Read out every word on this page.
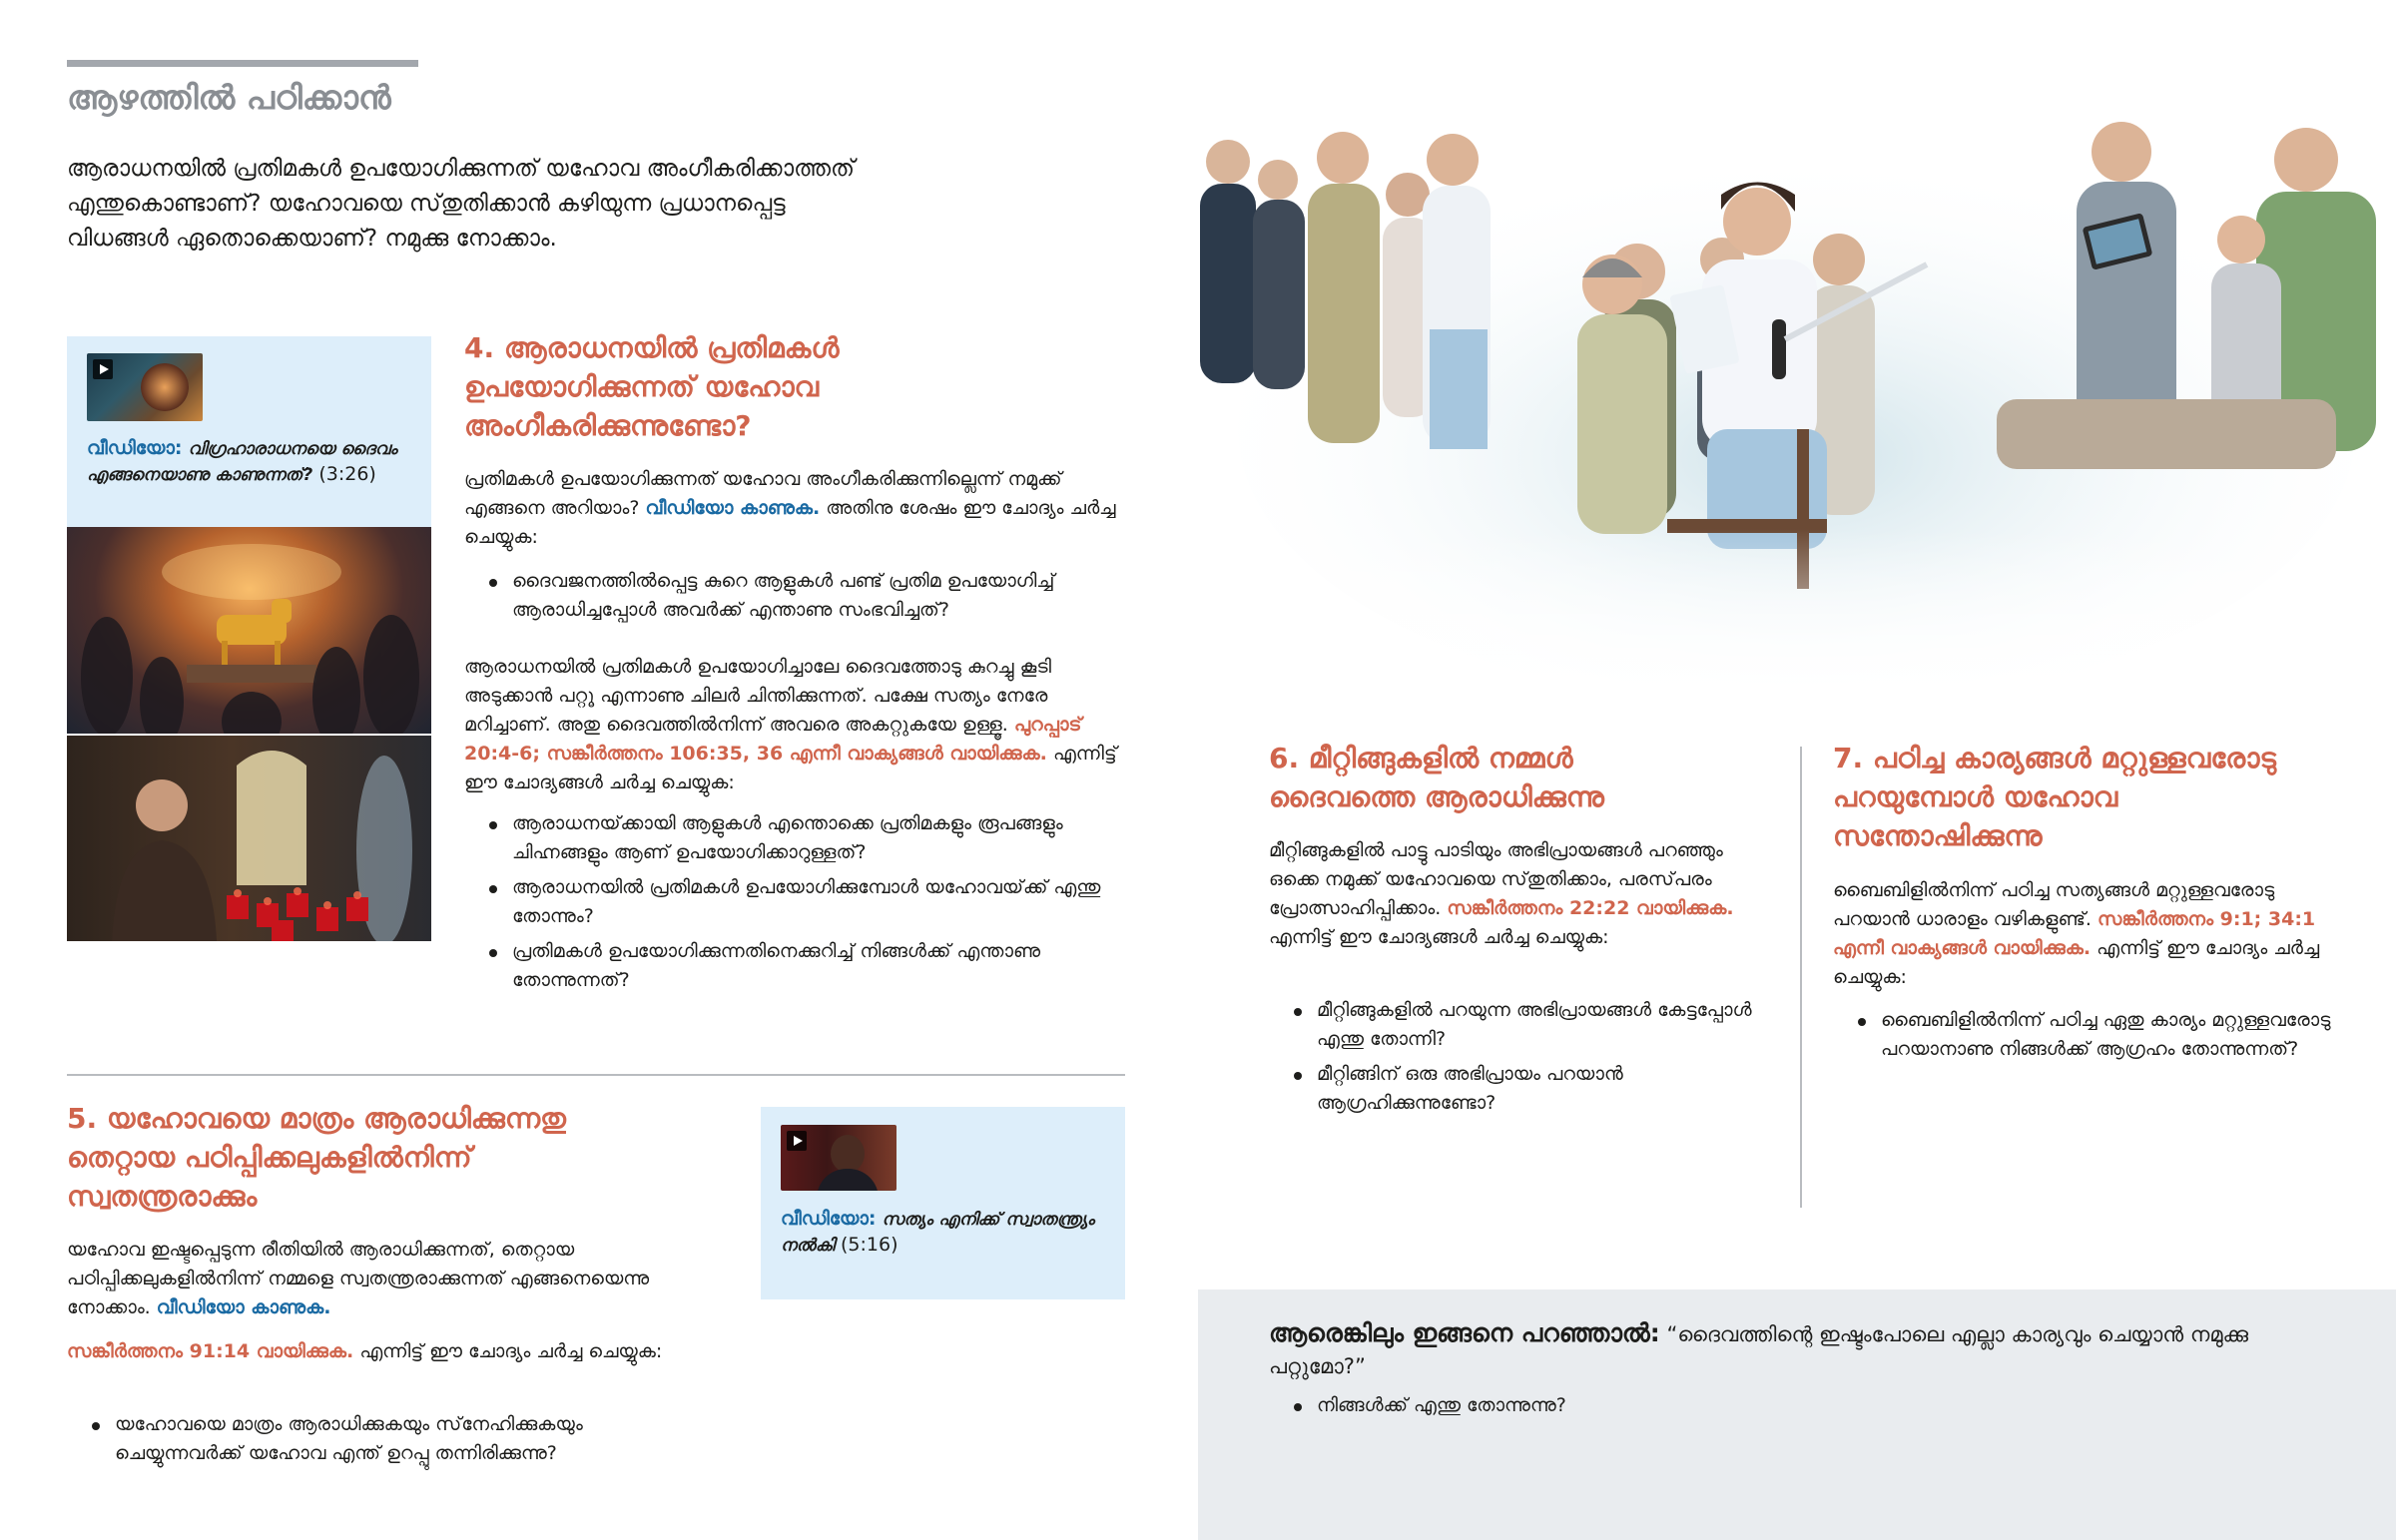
ആഴത്തിൽ പഠിക്കാൻ

ആരാധനയിൽ പ്രതിമകൾ ഉപയോഗിക്കുന്നത് യഹോവ അംഗീകരിക്കാത്തത് എന്തുകൊണ്ടാണ്? യഹോവയെ സ്‌തുതിക്കാൻ കഴിയുന്ന പ്രധാനപ്പെട്ട വിധങ്ങൾ ഏതൊക്കെയാണ്? നമുക്കു നോക്കാം.

വീഡിയോ: വിഗ്രഹാരാധനയെ ദൈവം എങ്ങനെയാണു കാണുന്നത്? (3:26)
4. ആരാധനയിൽ പ്രതിമകൾ ഉപയോഗിക്കുന്നത് യഹോവ അംഗീകരിക്കുന്നുണ്ടോ?

പ്രതിമകൾ ഉപയോഗിക്കുന്നത് യഹോവ അംഗീകരിക്കുന്നില്ലെന്ന് നമുക്ക് എങ്ങനെ അറിയാം? വീഡിയോ കാണുക. അതിനു ശേഷം ഈ ചോദ്യം ചർച്ച ചെയ്യുക:

ദൈവജനത്തിൽപ്പെട്ട കുറെ ആളുകൾ പണ്ട് പ്രതിമ ഉപയോഗിച്ച് ആരാധിച്ചപ്പോൾ അവർക്ക് എന്താണു സംഭവിച്ചത്?

ആരാധനയിൽ പ്രതിമകൾ ഉപയോഗിച്ചാലേ ദൈവത്തോടു കുറച്ചു കൂടി അടുക്കാൻ പറ്റൂ എന്നാണു ചിലർ ചിന്തിക്കുന്നത്. പക്ഷേ സത്യം നേരേ മറിച്ചാണ്. അതു ദൈവത്തിൽനിന്ന് അവരെ അകറ്റുകയേ ഉള്ളൂ. പുറപ്പാട്‌ 20:4-6; സങ്കീർത്തനം 106:35, 36 എന്നീ വാക്യങ്ങൾ വായിക്കുക. എന്നിട്ട് ഈ ചോദ്യങ്ങൾ ചർച്ച ചെയ്യുക:

ആരാധനയ്‌ക്കായി ആളുകൾ എന്തൊക്കെ പ്രതിമകളും രൂപങ്ങളും ചിഹ്നങ്ങളും ആണ് ഉപയോഗിക്കാറുള്ളത്?
ആരാധനയിൽ പ്രതിമകൾ ഉപയോഗിക്കുമ്പോൾ യഹോവയ്‌ക്ക് എന്തു തോന്നും?
പ്രതിമകൾ ഉപയോഗിക്കുന്നതിനെക്കുറിച്ച് നിങ്ങൾക്ക് എന്താണു തോന്നുന്നത്?
5. യഹോവയെ മാത്രം ആരാധിക്കുന്നതു തെറ്റായ പഠിപ്പിക്കലുകളിൽനിന്ന് സ്വതന്ത്രരാക്കും

യഹോവ ഇഷ്ടപ്പെടുന്ന രീതിയിൽ ആരാധിക്കുന്നത്, തെറ്റായ പഠിപ്പിക്കലുകളിൽനിന്ന് നമ്മളെ സ്വതന്ത്രരാക്കുന്നത് എങ്ങനെയെന്നു നോക്കാം. വീഡിയോ കാണുക.

സങ്കീർത്തനം 91:14 വായിക്കുക. എന്നിട്ട് ഈ ചോദ്യം ചർച്ച ചെയ്യുക:

യഹോവയെ മാത്രം ആരാധിക്കുകയും സ്‌നേഹിക്കുകയും ചെയ്യുന്നവർക്ക് യഹോവ എന്ത് ഉറപ്പു തന്നിരിക്കുന്നു?
വീഡിയോ: സത്യം എനിക്ക് സ്വാതന്ത്ര്യം നൽകി (5:16)
6. മീറ്റിങ്ങുകളിൽ നമ്മൾ ദൈവത്തെ ആരാധിക്കുന്നു

മീറ്റിങ്ങുകളിൽ പാട്ടു പാടിയും അഭിപ്രായങ്ങൾ പറഞ്ഞും ഒക്കെ നമുക്ക് യഹോവയെ സ്‌തുതിക്കാം, പരസ്‌പരം പ്രോത്സാഹിപ്പിക്കാം. സങ്കീർത്തനം 22:22 വായിക്കുക. എന്നിട്ട് ഈ ചോദ്യങ്ങൾ ചർച്ച ചെയ്യുക:

മീറ്റിങ്ങുകളിൽ പറയുന്ന അഭിപ്രായങ്ങൾ കേട്ടപ്പോൾ എന്തു തോന്നി?
മീറ്റിങ്ങിന് ഒരു അഭിപ്രായം പറയാൻ ആഗ്രഹിക്കുന്നുണ്ടോ?
7. പഠിച്ച കാര്യങ്ങൾ മറ്റുള്ളവരോടു പറയുമ്പോൾ യഹോവ സന്തോഷിക്കുന്നു

ബൈബിളിൽനിന്ന് പഠിച്ച സത്യങ്ങൾ മറ്റുള്ളവരോടു പറയാൻ ധാരാളം വഴികളുണ്ട്. സങ്കീർത്തനം 9:1; 34:1 എന്നീ വാക്യങ്ങൾ വായിക്കുക. എന്നിട്ട് ഈ ചോദ്യം ചർച്ച ചെയ്യുക:

ബൈബിളിൽനിന്ന് പഠിച്ച ഏതു കാര്യം മറ്റുള്ളവരോടു പറയാനാണു നിങ്ങൾക്ക് ആഗ്രഹം തോന്നുന്നത്?

ആരെങ്കിലും ഇങ്ങനെ പറഞ്ഞാൽ: “ദൈവത്തിന്റെ ഇഷ്ടംപോലെ എല്ലാ കാര്യവും ചെയ്യാൻ നമുക്കു പറ്റുമോ?”

നിങ്ങൾക്ക് എന്തു തോന്നുന്നു?
